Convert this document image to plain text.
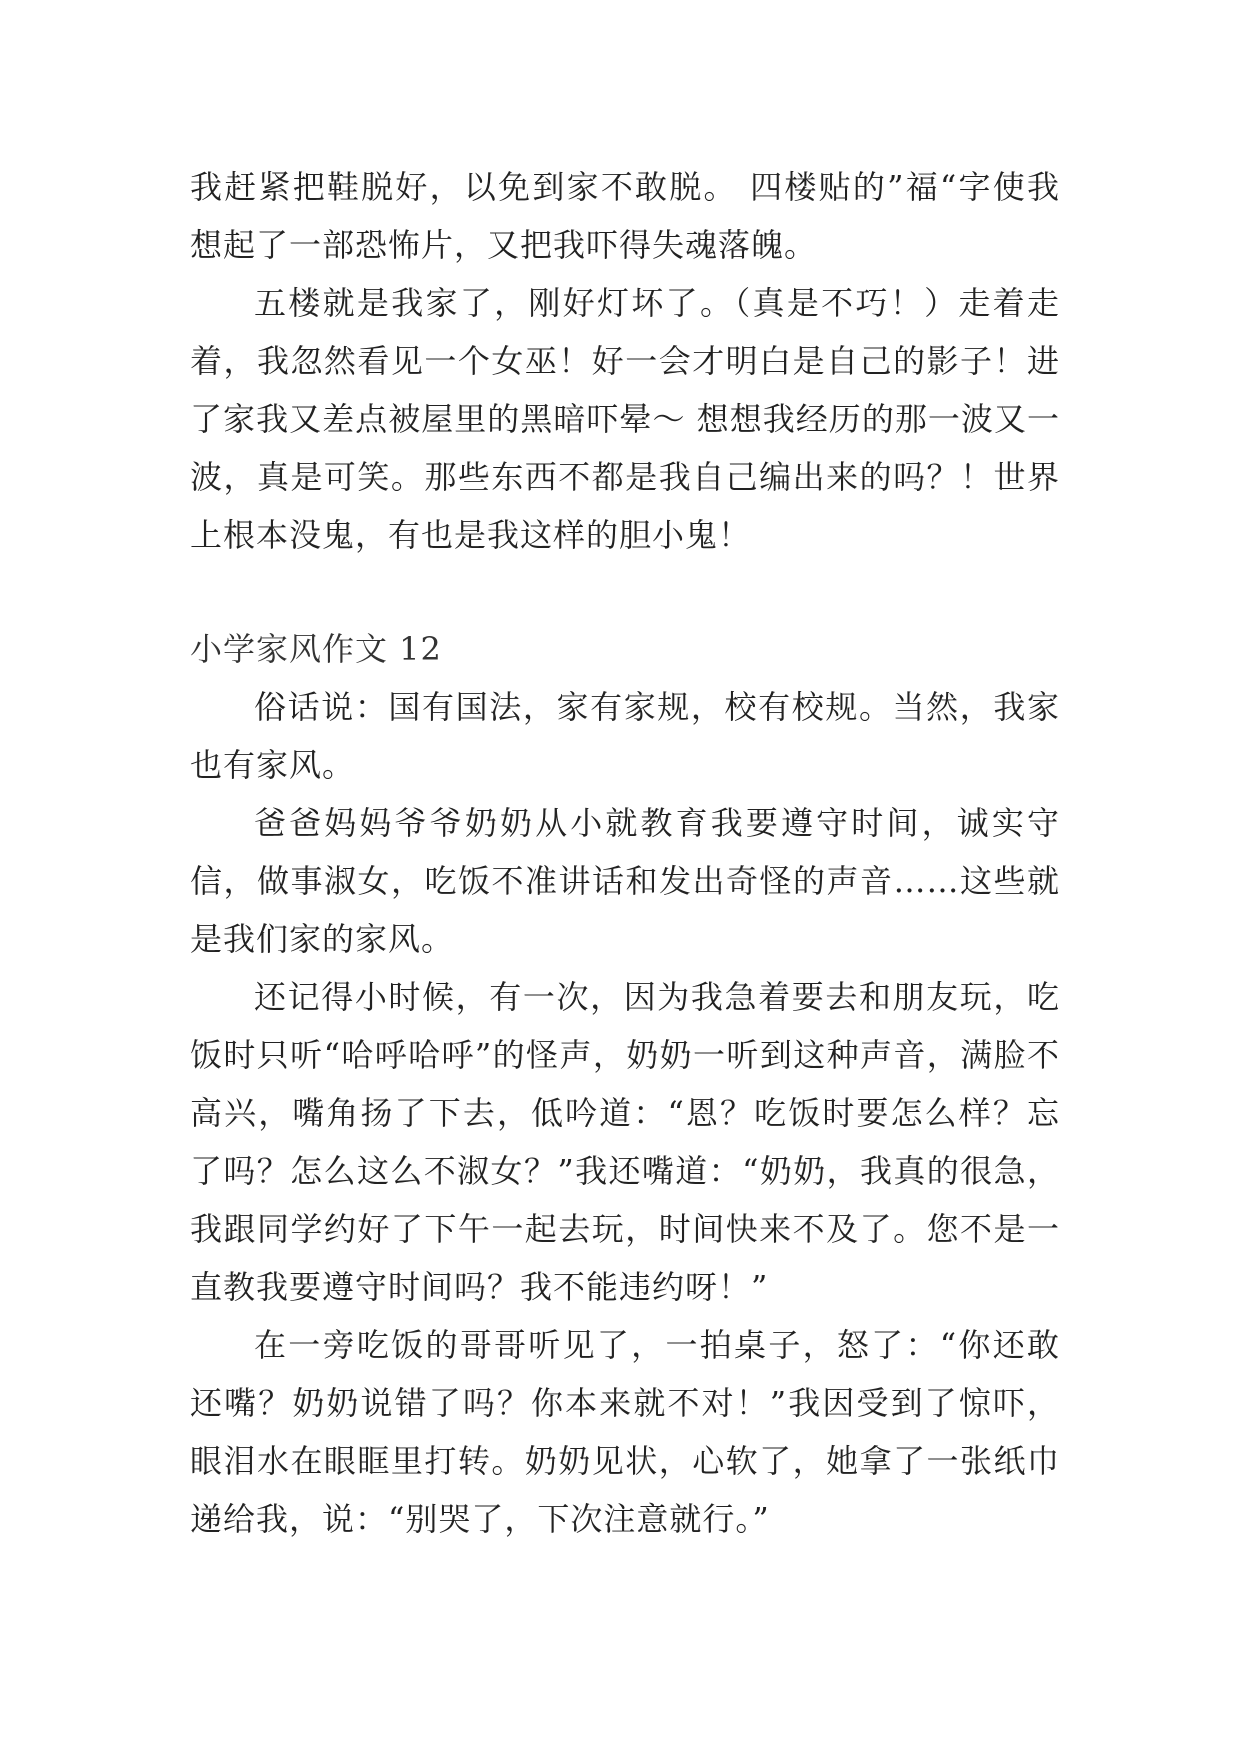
我赶紧把鞋脱好，以免到家不敢脱。 四楼贴的”福“字使我想起了一部恐怖片，又把我吓得失魂落魄。

五楼就是我家了，刚好灯坏了。（真是不巧！）走着走着，我忽然看见一个女巫！好一会才明白是自己的影子！进了家我又差点被屋里的黑暗吓晕～ 想想我经历的那一波又一波，真是可笑。那些东西不都是我自己编出来的吗？！世界上根本没鬼，有也是我这样的胆小鬼！

小学家风作文 12

俗话说：国有国法，家有家规，校有校规。当然，我家也有家风。

爸爸妈妈爷爷奶奶从小就教育我要遵守时间，诚实守信，做事淑女，吃饭不准讲话和发出奇怪的声音……这些就是我们家的家风。

还记得小时候，有一次，因为我急着要去和朋友玩，吃饭时只听“哈呼哈呼”的怪声，奶奶一听到这种声音，满脸不高兴，嘴角扬了下去，低吟道：“恩？吃饭时要怎么样？忘了吗？怎么这么不淑女？”我还嘴道：“奶奶，我真的很急，我跟同学约好了下午一起去玩，时间快来不及了。您不是一直教我要遵守时间吗？我不能违约呀！”

在一旁吃饭的哥哥听见了，一拍桌子，怒了：“你还敢还嘴？奶奶说错了吗？你本来就不对！”我因受到了惊吓，眼泪水在眼眶里打转。奶奶见状，心软了，她拿了一张纸巾递给我，说：“别哭了，下次注意就行。”
